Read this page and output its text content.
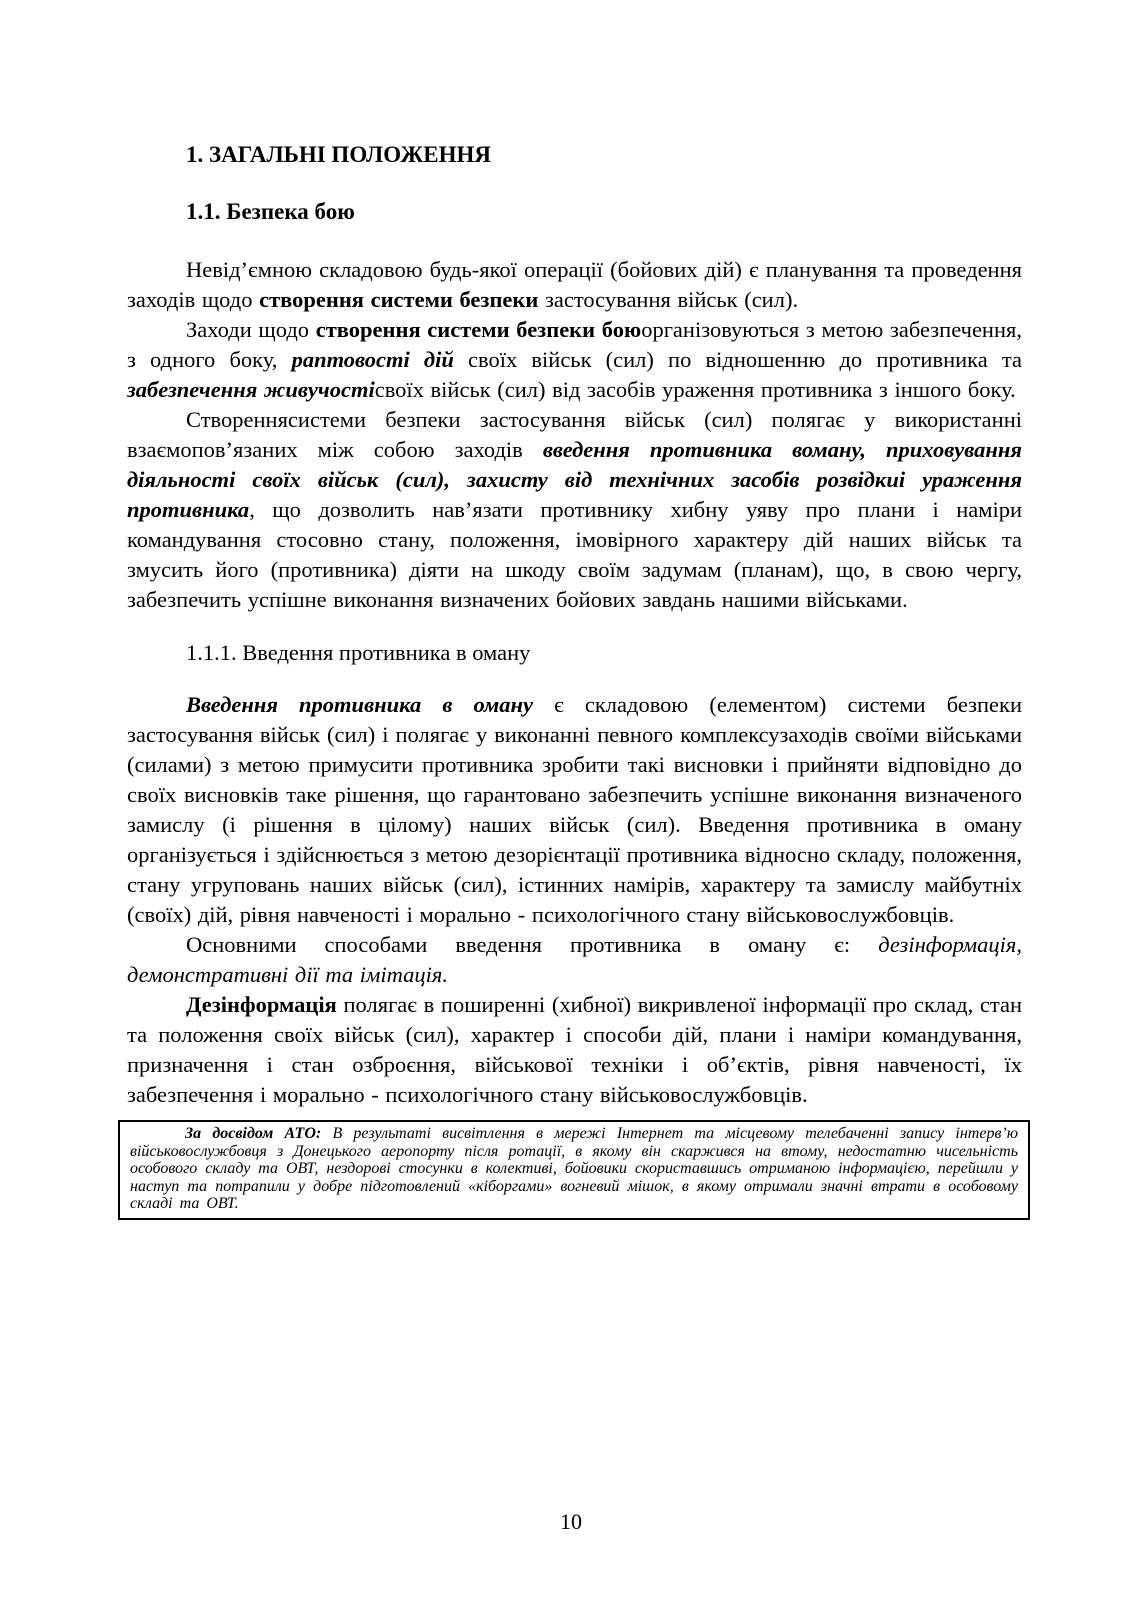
1. ЗАГАЛЬНІ ПОЛОЖЕННЯ

1.1. Безпека бою

Невід’ємною складовою будь-якої операції (бойових дій) є планування та проведення заходів щодо створення системи безпеки застосування військ (сил).

Заходи щодо створення системи безпеки боюорганізовуються з метою забезпечення, з одного боку, раптовості дій своїх військ (сил) по відношенню до противника та забезпечення живучостісвоїх військ (сил) від засобів ураження противника з іншого боку.

Створеннясистеми безпеки застосування військ (сил) полягає у використанні взаємопов’язаних між собою заходів введення противника воману, приховування діяльності своїх військ (сил), захисту від технічних засобів розвідкиі ураження противника, що дозволить нав’язати противнику хибну уяву про плани і наміри командування стосовно стану, положення, імовірного характеру дій наших військ та змусить його (противника) діяти на шкоду своїм задумам (планам), що, в свою чергу, забезпечить успішне виконання визначених бойових завдань нашими військами.

1.1.1. Введення противника в оману

Введення противника в оману є складовою (елементом) системи безпеки застосування військ (сил) і полягає у виконанні певного комплексузаходів своїми військами (силами) з метою примусити противника зробити такі висновки і прийняти відповідно до своїх висновків таке рішення, що гарантовано забезпечить успішне виконання визначеного замислу (і рішення в цілому) наших військ (сил). Введення противника в оману організується і здійснюється з метою дезорієнтації противника відносно складу, положення, стану угруповань наших військ (сил), істинних намірів, характеру та замислу майбутніх (своїх) дій, рівня навченості і морально - психологічного стану військовослужбовців.

Основними способами введення противника в оману є: дезінформація, демонстративні дії та імітація.

Дезінформація полягає в поширенні (хибної) викривленої інформації про склад, стан та положення своїх військ (сил), характер і способи дій, плани і наміри командування, призначення і стан озброєння, військової техніки і об’єктів, рівня навченості, їх забезпечення і морально - психологічного стану військовослужбовців.

За досвідом АТО: В результаті висвітлення в мережі Інтернет та місцевому телебаченні запису інтерв’ю військовослужбовця з Донецького аеропорту після ротації, в якому він скаржився на втому, недостатню чисельність особового складу та ОВТ, нездорові стосунки в колективі, бойовики скориставшись отриманою інформацією, перейшли у наступ та потрапили у добре підготовлений «кіборгами» вогневий мішок, в якому отримали значні втрати в особовому складі та ОВТ.

10
